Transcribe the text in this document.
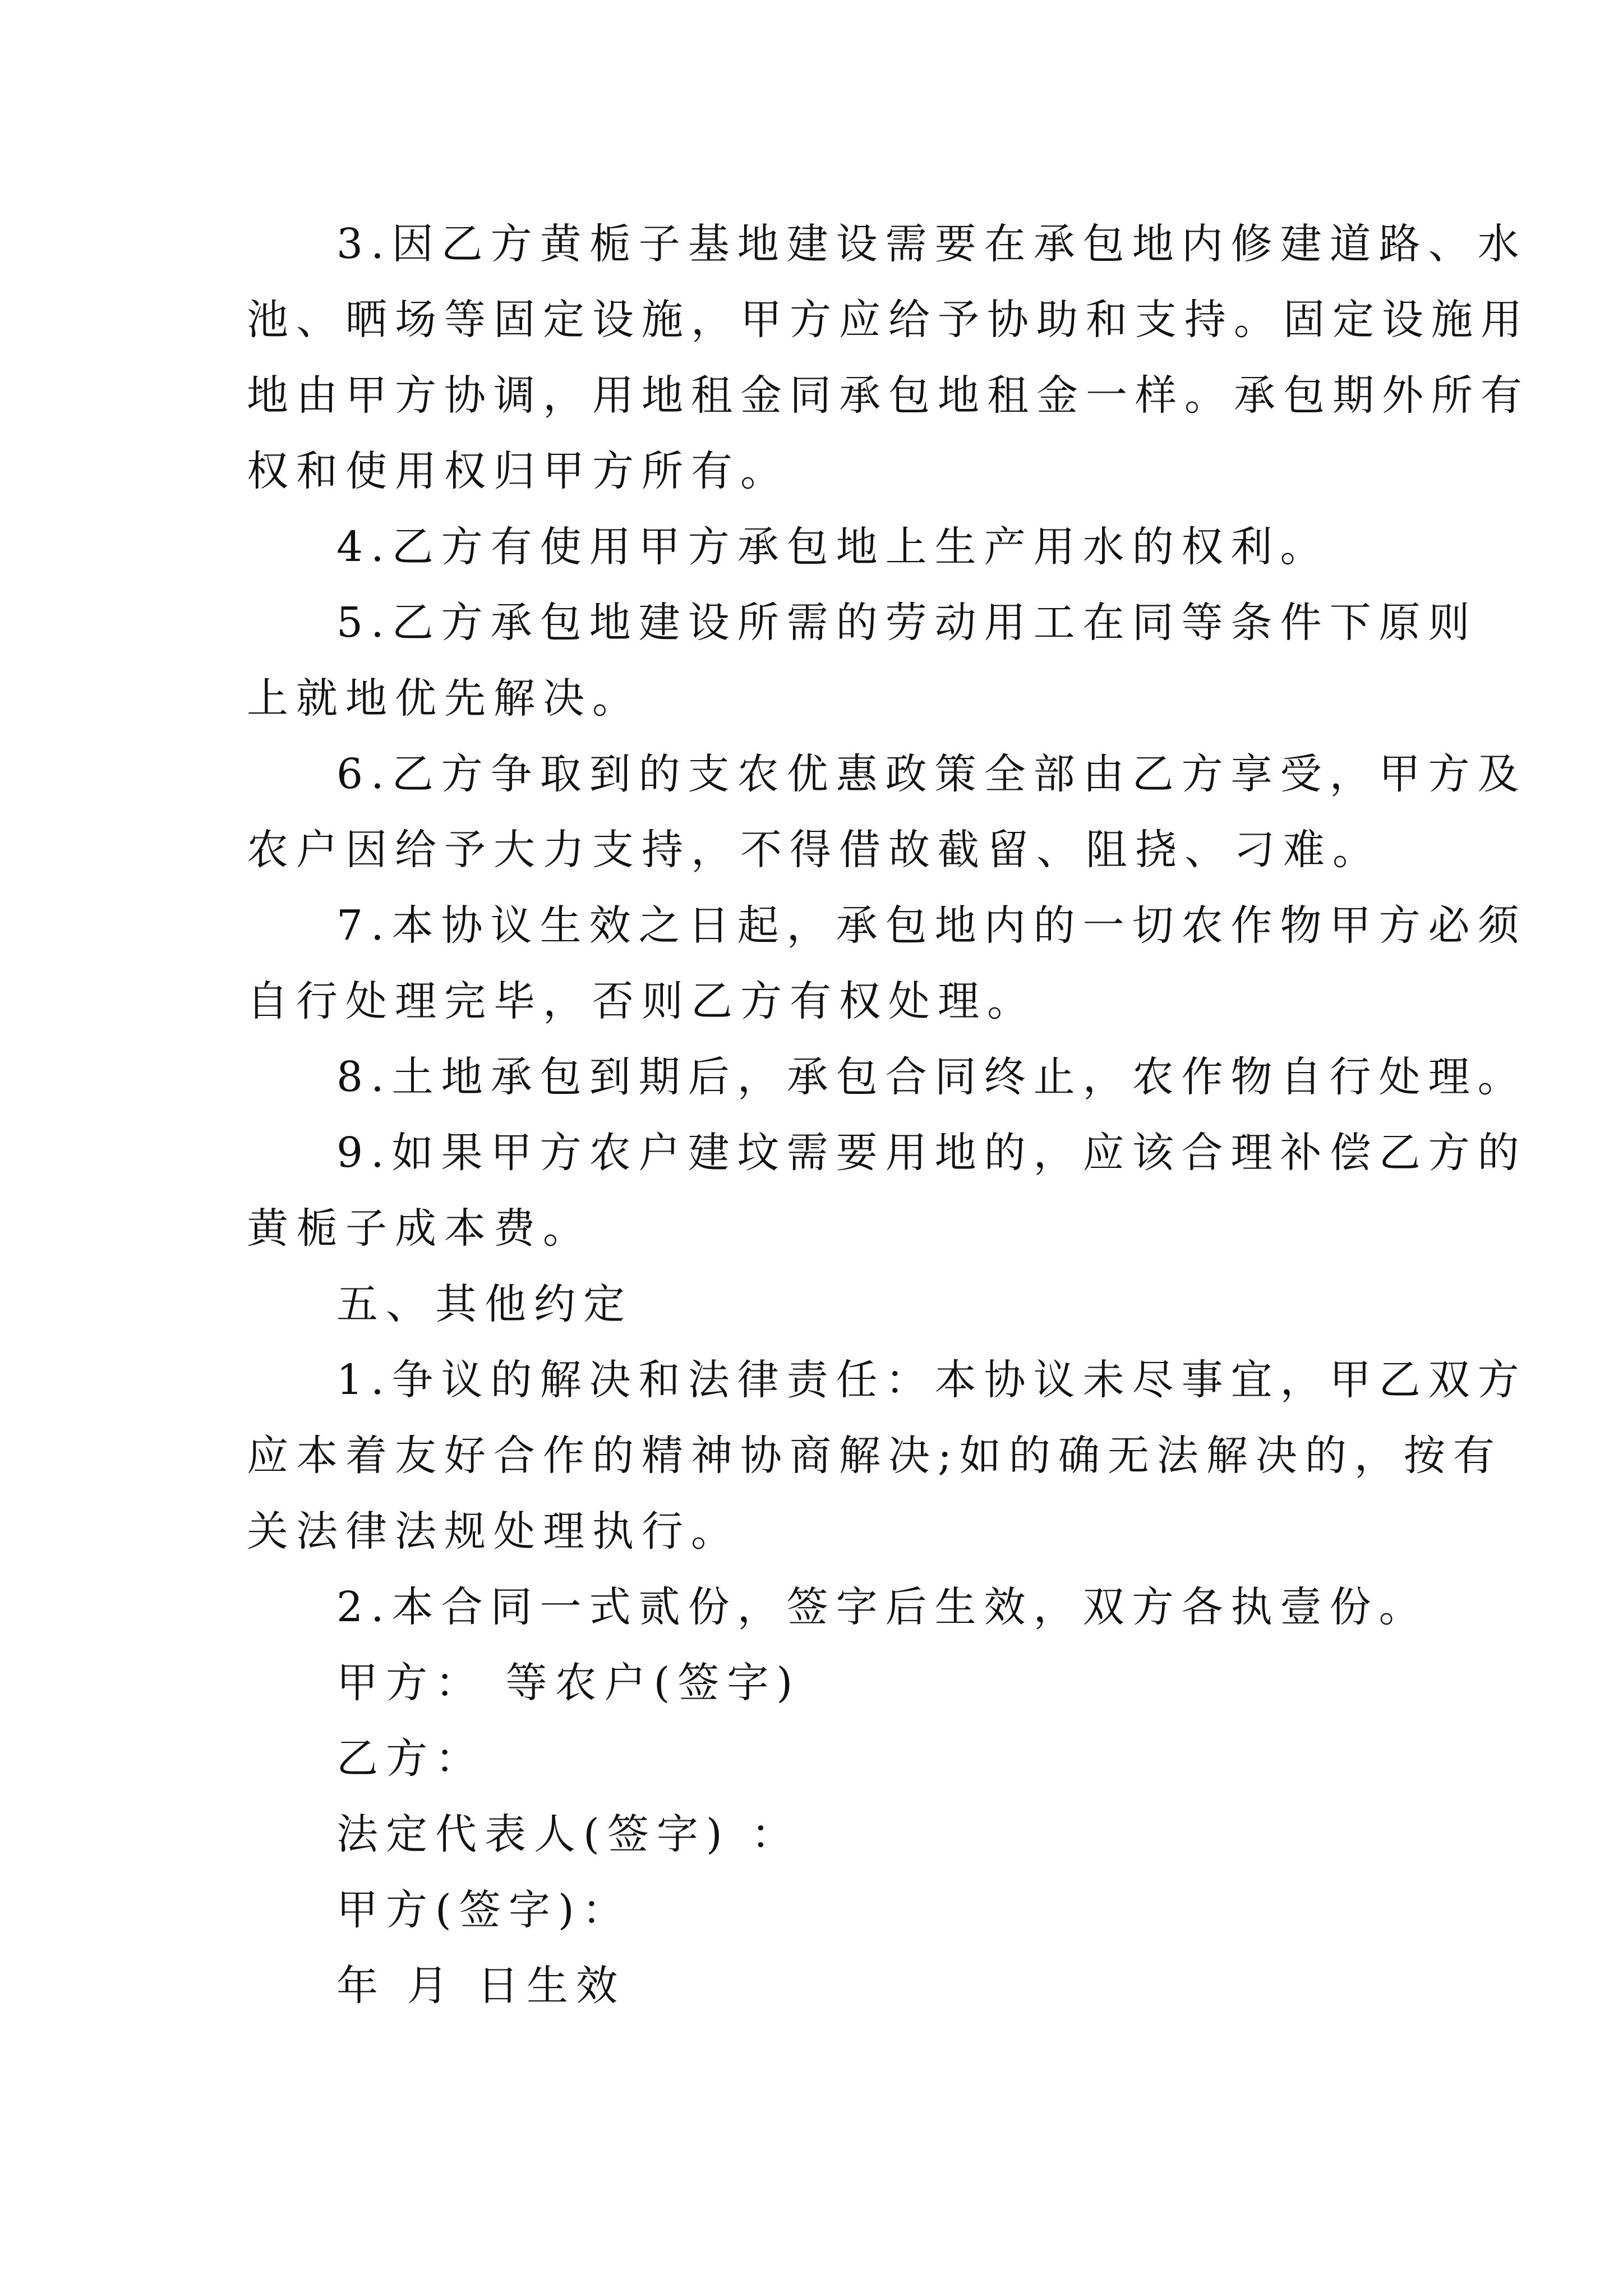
3.因乙方黄栀子基地建设需要在承包地内修建道路、水
池、晒场等固定设施，甲方应给予协助和支持。固定设施用
地由甲方协调，用地租金同承包地租金一样。承包期外所有
权和使用权归甲方所有。
4.乙方有使用甲方承包地上生产用水的权利。
5.乙方承包地建设所需的劳动用工在同等条件下原则
上就地优先解决。
6.乙方争取到的支农优惠政策全部由乙方享受，甲方及
农户因给予大力支持，不得借故截留、阻挠、刁难。
7.本协议生效之日起，承包地内的一切农作物甲方必须
自行处理完毕，否则乙方有权处理。
8.土地承包到期后，承包合同终止，农作物自行处理。
9.如果甲方农户建坟需要用地的，应该合理补偿乙方的
黄栀子成本费。
五、其他约定
1.争议的解决和法律责任：本协议未尽事宜，甲乙双方
应本着友好合作的精神协商解决;如的确无法解决的，按有
关法律法规处理执行。
2.本合同一式贰份，签字后生效，双方各执壹份。
甲方： 等农户(签字)
乙方：
法定代表人(签字) ：
甲方(签字)：
年 月 日生效
